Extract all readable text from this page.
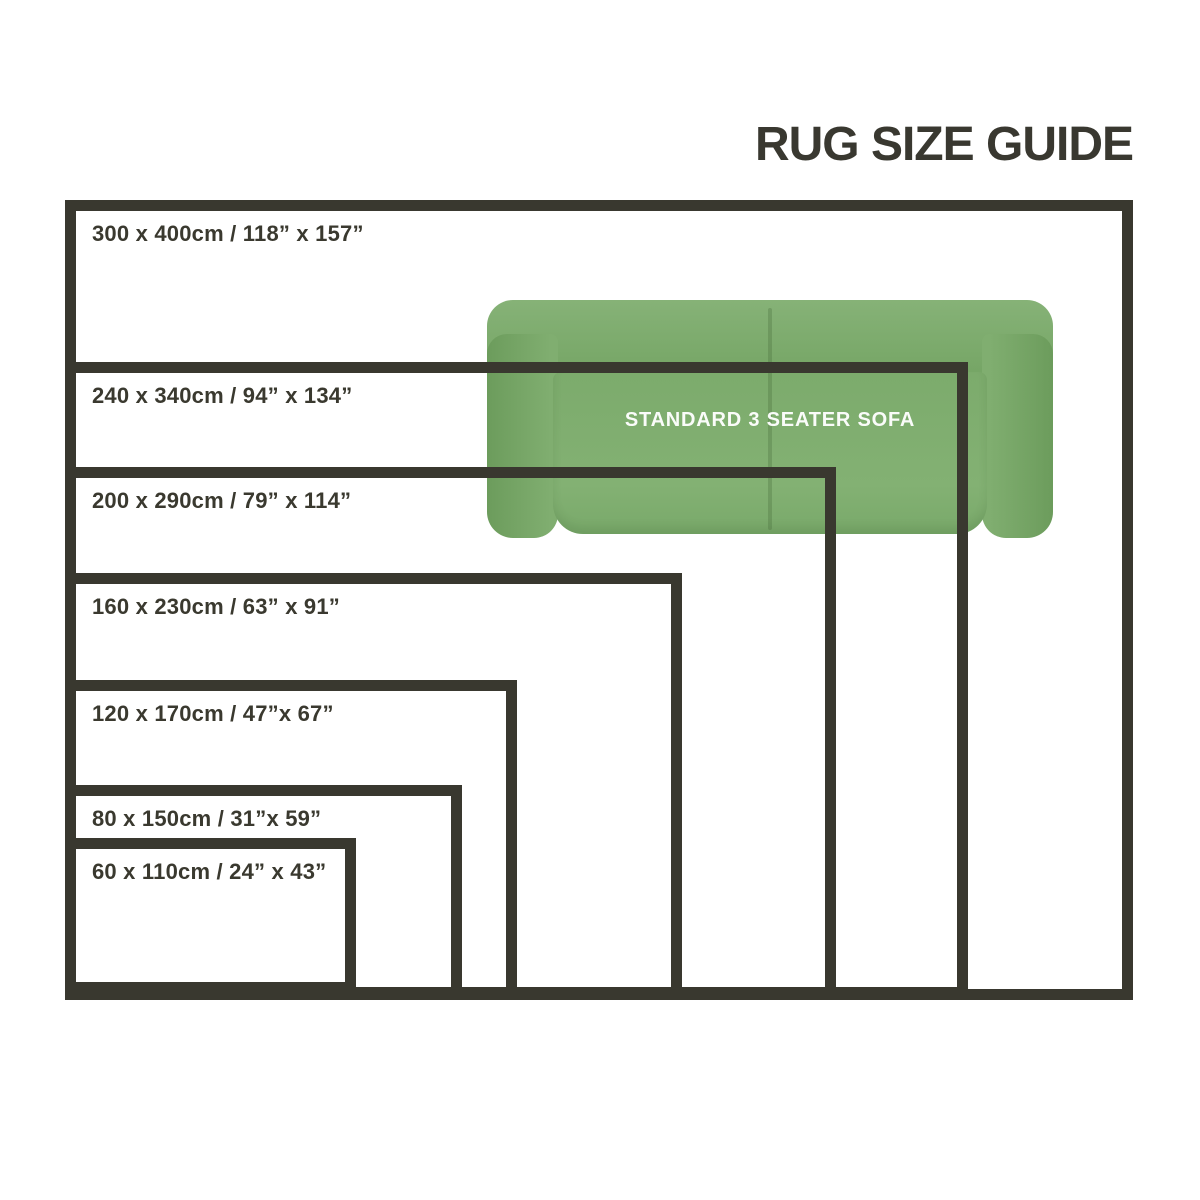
RUG SIZE GUIDE
STANDARD 3 SEATER SOFA
300 x 400cm / 118” x 157”
240 x 340cm / 94” x 134”
200 x 290cm / 79” x 114”
160 x 230cm / 63” x 91”
120 x 170cm / 47”x 67”
80 x 150cm / 31”x 59”
60 x 110cm / 24” x 43”
